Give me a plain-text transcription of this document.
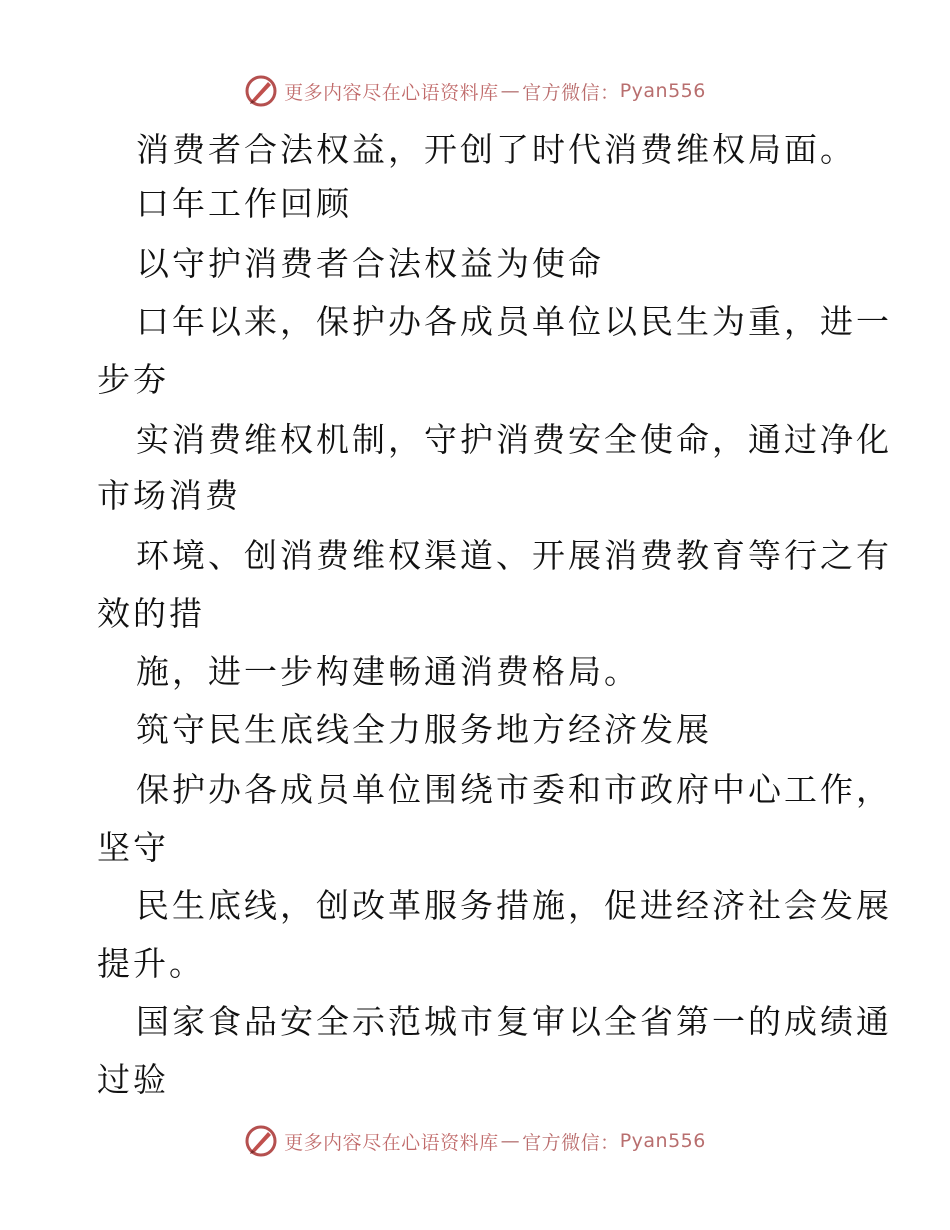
更多内容尽在心语资料库 — 官方微信： Pyan556
消费者合法权益，开创了时代消费维权局面。
口年工作回顾
以守护消费者合法权益为使命
口年以来，保护办各成员单位以民生为重，进一
步夯
实消费维权机制，守护消费安全使命，通过净化
市场消费
环境、创消费维权渠道、开展消费教育等行之有
效的措
施，进一步构建畅通消费格局。
筑守民生底线全力服务地方经济发展
保护办各成员单位围绕市委和市政府中心工作，
坚守
民生底线，创改革服务措施，促进经济社会发展
提升。
国家食品安全示范城市复审以全省第一的成绩通
过验
更多内容尽在心语资料库 — 官方微信： Pyan556
